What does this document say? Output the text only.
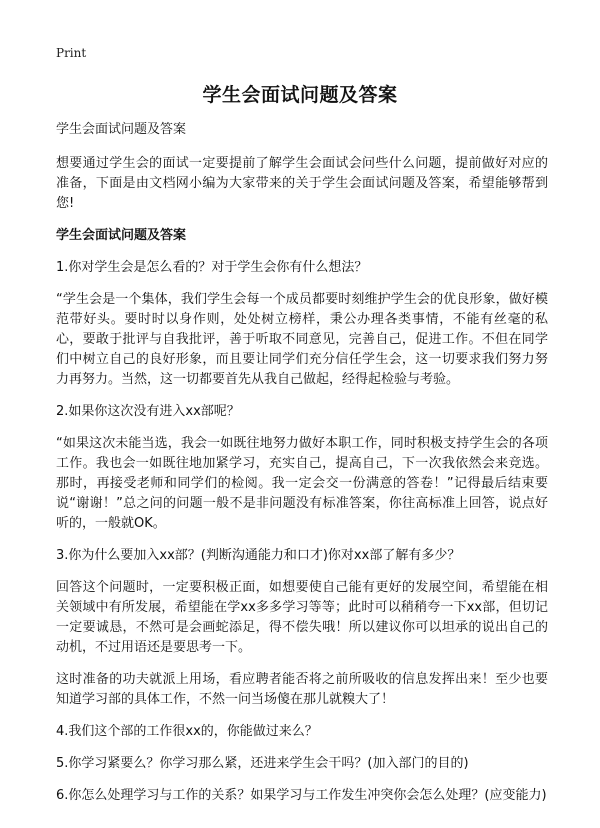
Print
学生会面试问题及答案

学生会面试问题及答案

想要通过学生会的面试一定要提前了解学生会面试会问些什么问题，提前做好对应的准备，下面是由文档网小编为大家带来的关于学生会面试问题及答案，希望能够帮到您!

学生会面试问题及答案

1.你对学生会是怎么看的？对于学生会你有什么想法？

“学生会是一个集体，我们学生会每一个成员都要时刻维护学生会的优良形象，做好模范带好头。要时时以身作则，处处树立榜样，秉公办理各类事情，不能有丝毫的私心，要敢于批评与自我批评，善于听取不同意见，完善自己，促进工作。不但在同学们中树立自己的良好形象，而且要让同学们充分信任学生会，这一切要求我们努力努力再努力。当然，这一切都要首先从我自己做起，经得起检验与考验。

2.如果你这次没有进入xx部呢？

“如果这次未能当选，我会一如既往地努力做好本职工作，同时积极支持学生会的各项工作。我也会一如既往地加紧学习，充实自己，提高自己，下一次我依然会来竞选。那时，再接受老师和同学们的检阅。我一定会交一份满意的答卷！”记得最后结束要说“谢谢！”总之问的问题一般不是非问题没有标准答案，你往高标准上回答，说点好听的，一般就OK。

3.你为什么要加入xx部？(判断沟通能力和口才)你对xx部了解有多少？

回答这个问题时，一定要积极正面，如想要使自己能有更好的发展空间，希望能在相关领域中有所发展，希望能在学xx多多学习等等；此时可以稍稍夸一下xx部，但切记一定要诚恳，不然可是会画蛇添足，得不偿失哦！所以建议你可以坦承的说出自己的动机，不过用语还是要思考一下。

这时准备的功夫就派上用场，看应聘者能否将之前所吸收的信息发挥出来！至少也要知道学习部的具体工作，不然一问当场傻在那儿就糗大了！

4.我们这个部的工作很xx的，你能做过来么？

5.你学习紧要么？你学习那么紧，还进来学生会干吗？(加入部门的目的)

6.你怎么处理学习与工作的关系？如果学习与工作发生冲突你会怎么处理？(应变能力)
